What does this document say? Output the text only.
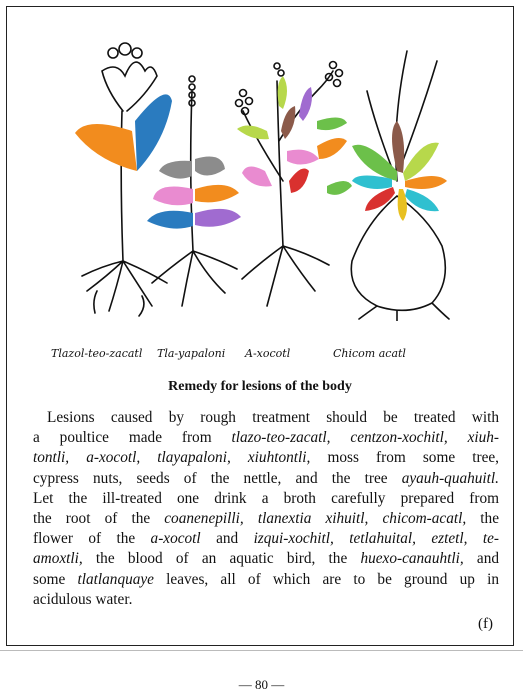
Tlazol-teo-zacatl Tla-yapaloni A-xocotl	Chicom acatl
Remedy for lesions of the body
Lesions caused by rough treatment should be treated with
a poultice made from tlazo-teo-zacatl, centzon-xochitl, xiuh-
tontli, a-xocotl, tlayapaloni, xiuhtontli, moss from some tree,
cypress nuts, seeds of the nettle, and the tree ayauh-quahuitl.
Let the ill-treated one drink a broth carefully prepared from
the root of the coanenepilli, tlanextia xihuitl, chicom-acatl, the
flower of the a-xocotl and izqui-xochitl, tetlahuital, eztetl, te-
amoxtli, the blood of an aquatic bird, the huexo-canauhtli, and
some tlatlanquaye leaves, all of which are to be ground up in
acidulous water.
(f)
— 80 —
